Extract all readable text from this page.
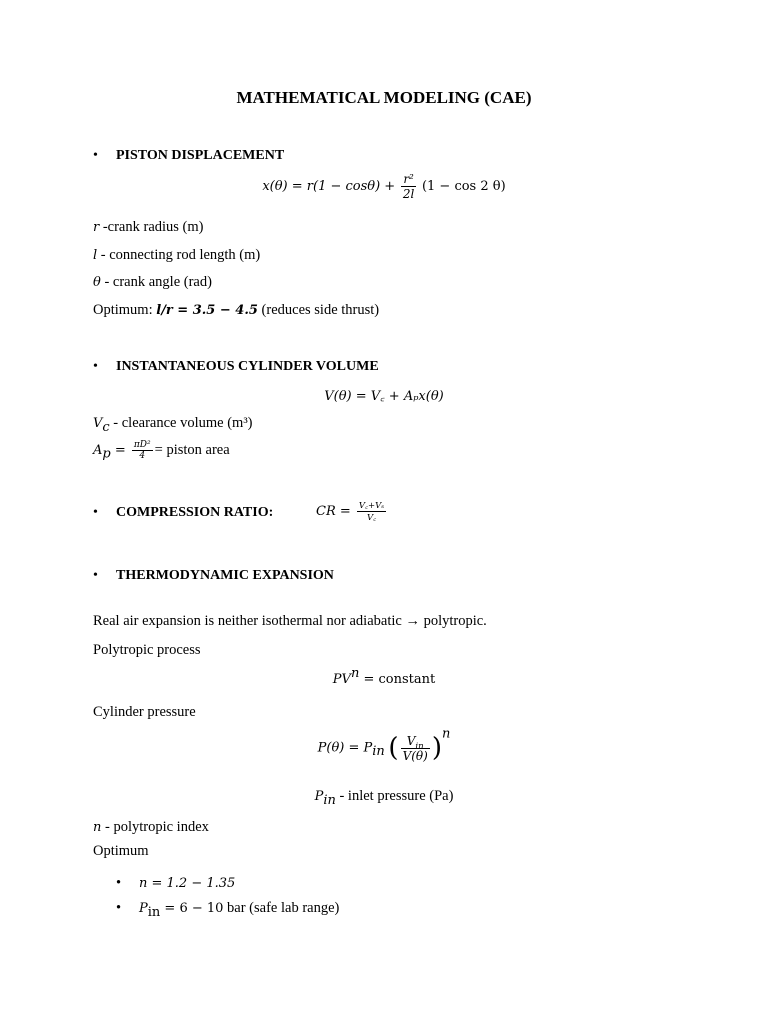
MATHEMATICAL MODELING (CAE)
• PISTON DISPLACEMENT
$x(\theta) = r(1 - \cos\theta) + \frac{\text{r²}}{2l} (1 - \cos 2$ θ)
r -crank radius (m)
l - connecting rod length (m)
θ - crank angle (rad)
Optimum: l/r = 3.5 − 4.5 (reduces side thrust)
• INSTANTANEOUS CYLINDER VOLUME
V(θ) = V꜀ + Aₚx(θ)
$V_c$ - clearance volume (m³)
$A_p = \frac{\text{πD²}}{4}$ = piston area
• COMPRESSION RATIO:	CR = $\frac{\text{V꜀+Vₛ}}{V꜀}$
• THERMODYNAMIC EXPANSION
Real air expansion is neither isothermal nor adiabatic → polytropic.
Polytropic process
$PV^n$ = constant
Cylinder pressure
$P(\theta) = P_{in}$ ( $\frac{V_{in}}{V(\theta)} )^n$
$P_{in}$ - inlet pressure (Pa)
n - polytropic index
Optimum
• n = 1.2 − 1.35
• $P_{in} = 6 - 10$ bar (safe lab range)
